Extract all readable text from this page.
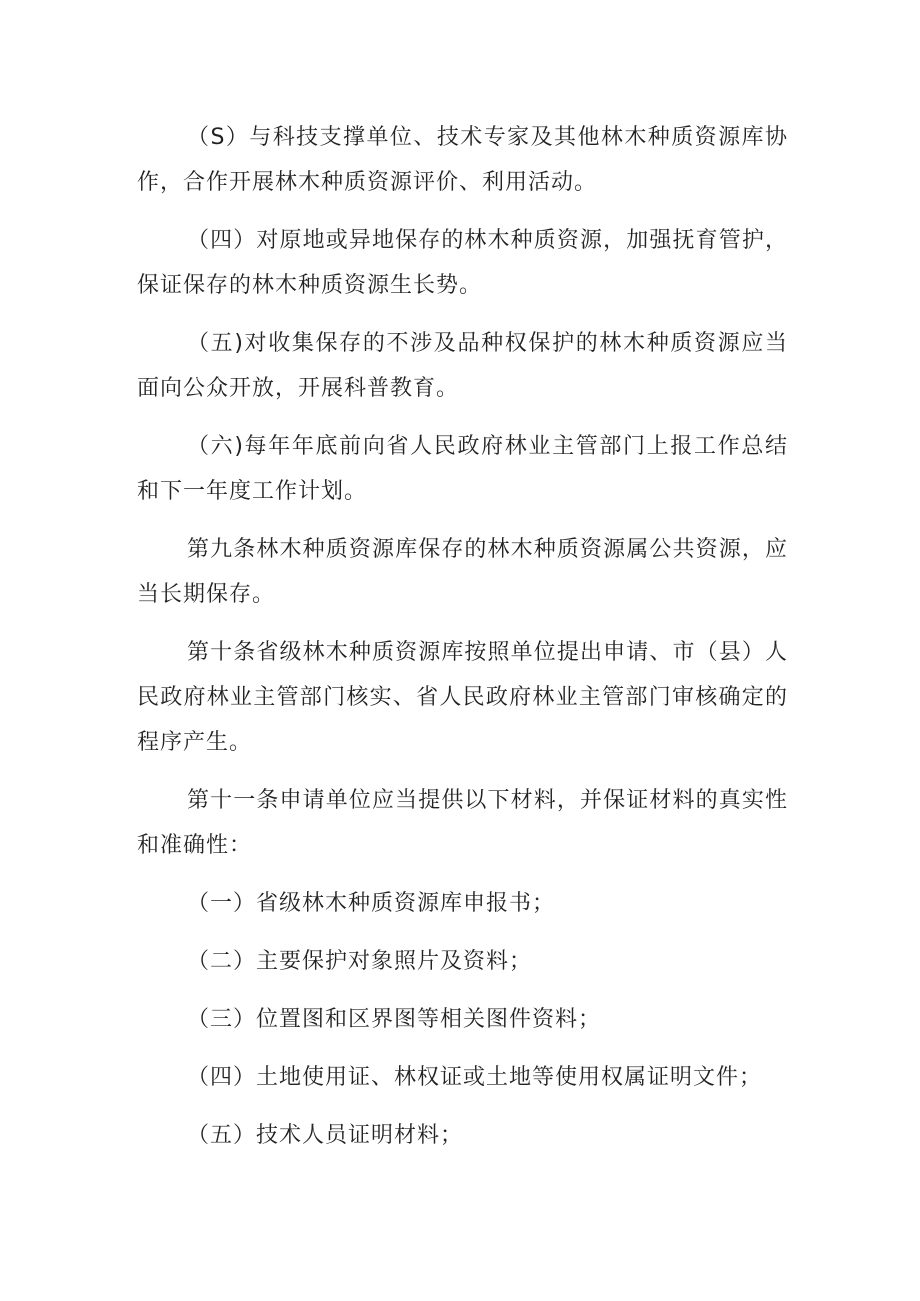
（S）与科技支撑单位、技术专家及其他林木种质资源库协
作，合作开展林木种质资源评价、利用活动。
（四）对原地或异地保存的林木种质资源，加强抚育管护，
保证保存的林木种质资源生长势。
（五)对收集保存的不涉及品种权保护的林木种质资源应当
面向公众开放，开展科普教育。
（六)每年年底前向省人民政府林业主管部门上报工作总结
和下一年度工作计划。
第九条林木种质资源库保存的林木种质资源属公共资源，应
当长期保存。
第十条省级林木种质资源库按照单位提出申请、市（县）人
民政府林业主管部门核实、省人民政府林业主管部门审核确定的
程序产生。
第十一条申请单位应当提供以下材料，并保证材料的真实性
和准确性：
（一）省级林木种质资源库申报书；
（二）主要保护对象照片及资料；
（三）位置图和区界图等相关图件资料；
（四）土地使用证、林权证或土地等使用权属证明文件；
（五）技术人员证明材料；
